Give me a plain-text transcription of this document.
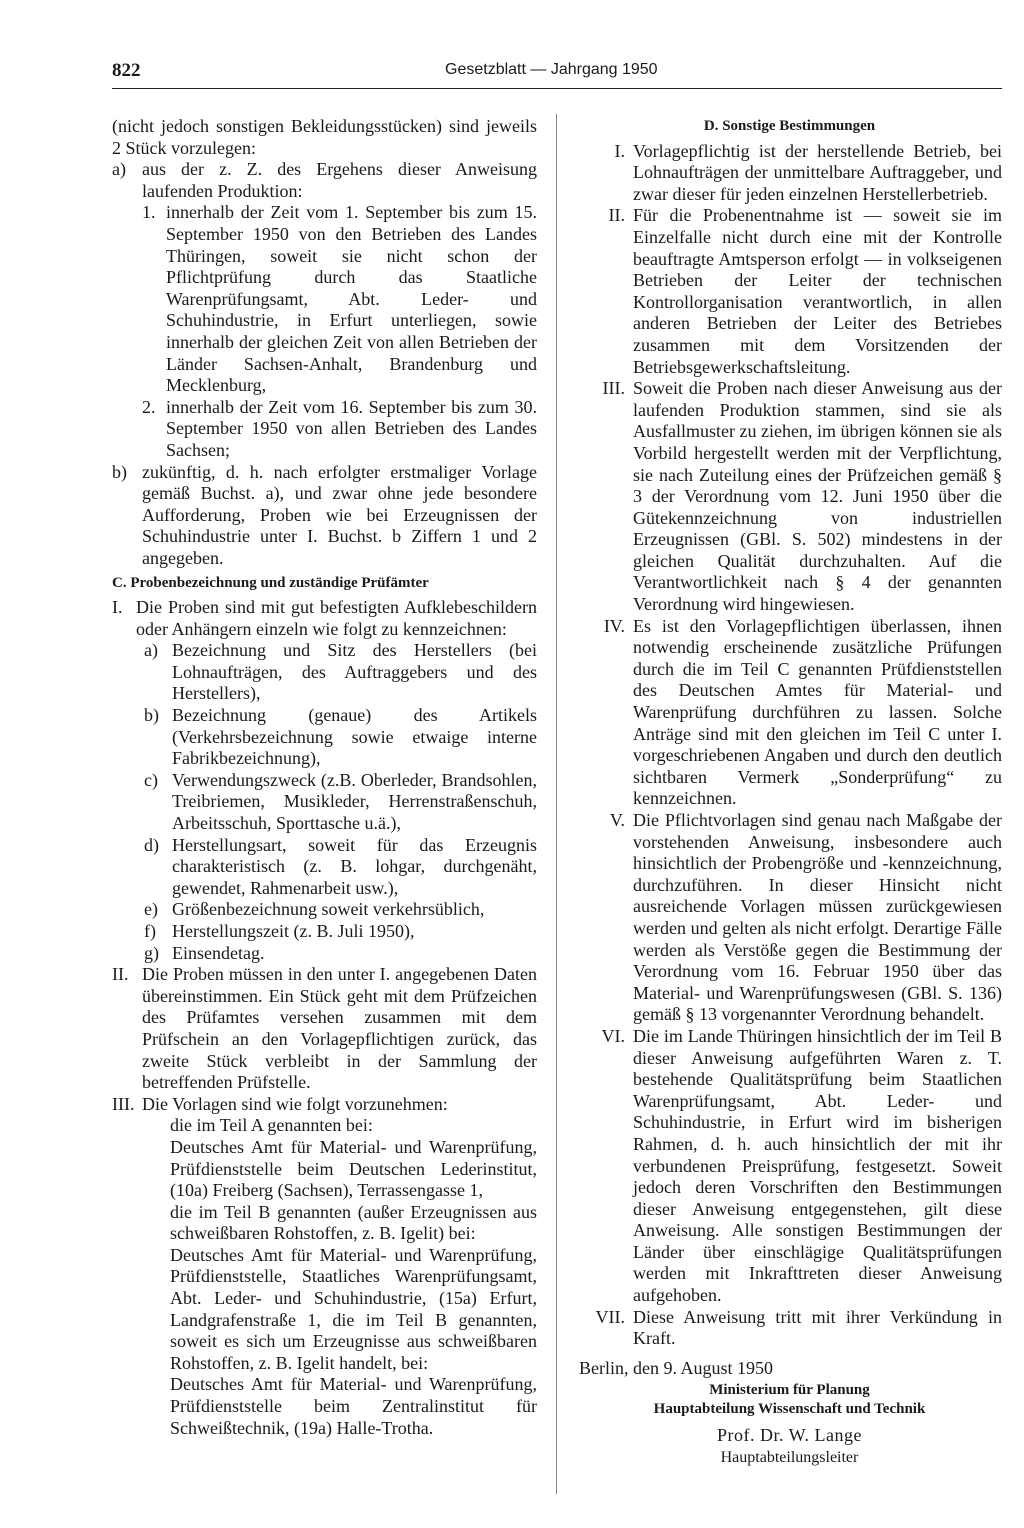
822	Gesetzblatt — Jahrgang 1950

(nicht jedoch sonstigen Bekleidungsstücken) sind jeweils 2 Stück vorzulegen:

a) aus der z. Z. des Ergehens dieser Anweisung laufenden Produktion:
1. innerhalb der Zeit vom 1. September bis zum 15. September 1950 von den Betrieben des Landes Thüringen, soweit sie nicht schon der Pflichtprüfung durch das Staatliche Warenprüfungsamt, Abt. Leder- und Schuhindustrie, in Erfurt unterliegen, sowie innerhalb der gleichen Zeit von allen Betrieben der Länder Sachsen-Anhalt, Brandenburg und Mecklenburg,
2. innerhalb der Zeit vom 16. September bis zum 30. September 1950 von allen Betrieben des Landes Sachsen;
b) zukünftig, d. h. nach erfolgter erstmaliger Vorlage gemäß Buchst. a), und zwar ohne jede besondere Aufforderung, Proben wie bei Erzeugnissen der Schuhindustrie unter I. Buchst. b Ziffern 1 und 2 angegeben.

C. Probenbezeichnung und zuständige Prüfämter

I. Die Proben sind mit gut befestigten Aufklebeschildern oder Anhängern einzeln wie folgt zu kennzeichnen:
a) Bezeichnung und Sitz des Herstellers (bei Lohnaufträgen, des Auftraggebers und des Herstellers),
b) Bezeichnung (genaue) des Artikels (Verkehrsbezeichnung sowie etwaige interne Fabrikbezeichnung),
c) Verwendungszweck (z.B. Oberleder, Brandsohlen, Treibriemen, Musikleder, Herrenstraßenschuh, Arbeitsschuh, Sporttasche u.ä.),
d) Herstellungsart, soweit für das Erzeugnis charakteristisch (z. B. lohgar, durchgenäht, gewendet, Rahmenarbeit usw.),
e) Größenbezeichnung soweit verkehrsüblich,
f) Herstellungszeit (z. B. Juli 1950),
g) Einsendetag.
II. Die Proben müssen in den unter I. angegebenen Daten übereinstimmen. Ein Stück geht mit dem Prüfzeichen des Prüfamtes versehen zusammen mit dem Prüfschein an den Vorlagepflichtigen zurück, das zweite Stück verbleibt in der Sammlung der betreffenden Prüfstelle.
III. Die Vorlagen sind wie folgt vorzunehmen:

die im Teil A genannten bei:

Deutsches Amt für Material- und Warenprüfung, Prüfdienststelle beim Deutschen Lederinstitut, (10a) Freiberg (Sachsen), Terrassengasse 1,

die im Teil B genannten (außer Erzeugnissen aus schweißbaren Rohstoffen, z. B. Igelit) bei:

Deutsches Amt für Material- und Warenprüfung, Prüfdienststelle, Staatliches Warenprüfungsamt, Abt. Leder- und Schuhindustrie, (15a) Erfurt, Landgrafenstraße 1, die im Teil B genannten, soweit es sich um Erzeugnisse aus schweißbaren Rohstoffen, z. B. Igelit handelt, bei:

Deutsches Amt für Material- und Warenprüfung, Prüfdienststelle beim Zentralinstitut für Schweißtechnik, (19a) Halle-Trotha.

D. Sonstige Bestimmungen

I. Vorlagepflichtig ist der herstellende Betrieb, bei Lohnaufträgen der unmittelbare Auftraggeber, und zwar dieser für jeden einzelnen Herstellerbetrieb.
II. Für die Probenentnahme ist — soweit sie im Einzelfalle nicht durch eine mit der Kontrolle beauftragte Amtsperson erfolgt — in volkseigenen Betrieben der Leiter der technischen Kontrollorganisation verantwortlich, in allen anderen Betrieben der Leiter des Betriebes zusammen mit dem Vorsitzenden der Betriebsgewerkschaftsleitung.
III. Soweit die Proben nach dieser Anweisung aus der laufenden Produktion stammen, sind sie als Ausfallmuster zu ziehen, im übrigen können sie als Vorbild hergestellt werden mit der Verpflichtung, sie nach Zuteilung eines der Prüfzeichen gemäß § 3 der Verordnung vom 12. Juni 1950 über die Gütekennzeichnung von industriellen Erzeugnissen (GBl. S. 502) mindestens in der gleichen Qualität durchzuhalten. Auf die Verantwortlichkeit nach § 4 der genannten Verordnung wird hingewiesen.
IV. Es ist den Vorlagepflichtigen überlassen, ihnen notwendig erscheinende zusätzliche Prüfungen durch die im Teil C genannten Prüfdienststellen des Deutschen Amtes für Material- und Warenprüfung durchführen zu lassen. Solche Anträge sind mit den gleichen im Teil C unter I. vorgeschriebenen Angaben und durch den deutlich sichtbaren Vermerk „Sonderprüfung“ zu kennzeichnen.
V. Die Pflichtvorlagen sind genau nach Maßgabe der vorstehenden Anweisung, insbesondere auch hinsichtlich der Probengröße und -kennzeichnung, durchzuführen. In dieser Hinsicht nicht ausreichende Vorlagen müssen zurückgewiesen werden und gelten als nicht erfolgt. Derartige Fälle werden als Verstöße gegen die Bestimmung der Verordnung vom 16. Februar 1950 über das Material- und Warenprüfungswesen (GBl. S. 136) gemäß § 13 vorgenannter Verordnung behandelt.
VI. Die im Lande Thüringen hinsichtlich der im Teil B dieser Anweisung aufgeführten Waren z. T. bestehende Qualitätsprüfung beim Staatlichen Warenprüfungsamt, Abt. Leder- und Schuhindustrie, in Erfurt wird im bisherigen Rahmen, d. h. auch hinsichtlich der mit ihr verbundenen Preisprüfung, festgesetzt. Soweit jedoch deren Vorschriften den Bestimmungen dieser Anweisung entgegenstehen, gilt diese Anweisung. Alle sonstigen Bestimmungen der Länder über einschlägige Qualitätsprüfungen werden mit Inkrafttreten dieser Anweisung aufgehoben.
VII. Diese Anweisung tritt mit ihrer Verkündung in Kraft.

Berlin, den 9. August 1950

Ministerium für Planung

Hauptabteilung Wissenschaft und Technik

Prof. Dr. W. Lange

Hauptabteilungsleiter
